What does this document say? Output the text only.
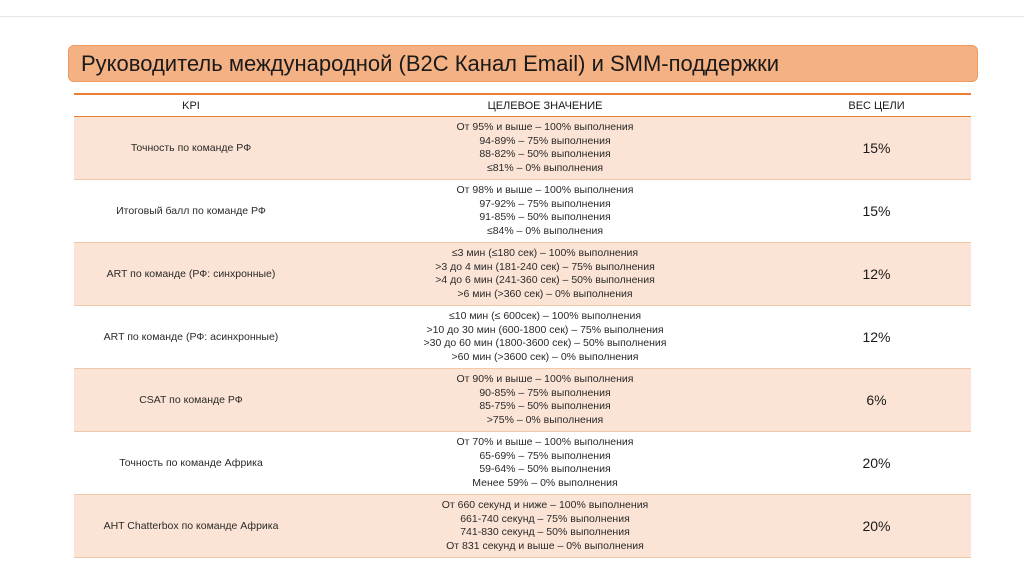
Руководитель международной (B2C Канал Email) и SMM-поддержки
KPI	ЦЕЛЕВОЕ ЗНАЧЕНИЕ	ВЕС ЦЕЛИ
Точность по команде РФ	От 95% и выше – 100% выполнения
94-89% – 75% выполнения
88-82% – 50% выполнения
≤81% – 0% выполнения	15%
Итоговый балл по команде РФ	От 98% и выше – 100% выполнения
97-92% – 75% выполнения
91-85% – 50% выполнения
≤84% – 0% выполнения	15%
ART по команде (РФ: синхронные)	≤3 мин (≤180 сек) – 100% выполнения
>3 до 4 мин (181-240 сек) – 75% выполнения
>4 до 6 мин (241-360 сек) – 50% выполнения
>6 мин (>360 сек) – 0% выполнения	12%
ART по команде (РФ: асинхронные)	≤10 мин (≤ 600сек) – 100% выполнения
>10 до 30 мин (600-1800 сек) – 75% выполнения
>30 до 60 мин (1800-3600 сек) – 50% выполнения
>60 мин (>3600 сек) – 0% выполнения	12%
CSAT по команде РФ	От 90% и выше – 100% выполнения
90-85% – 75% выполнения
85-75% – 50% выполнения
>75% – 0% выполнения	6%
Точность по команде Африка	От 70% и выше – 100% выполнения
65-69% – 75% выполнения
59-64% – 50% выполнения
Менее 59% – 0% выполнения	20%
AHT Chatterbox по команде Африка	От 660 секунд и ниже – 100% выполнения
661-740 секунд – 75% выполнения
741-830 секунд – 50% выполнения
От 831 секунд и выше – 0% выполнения	20%
